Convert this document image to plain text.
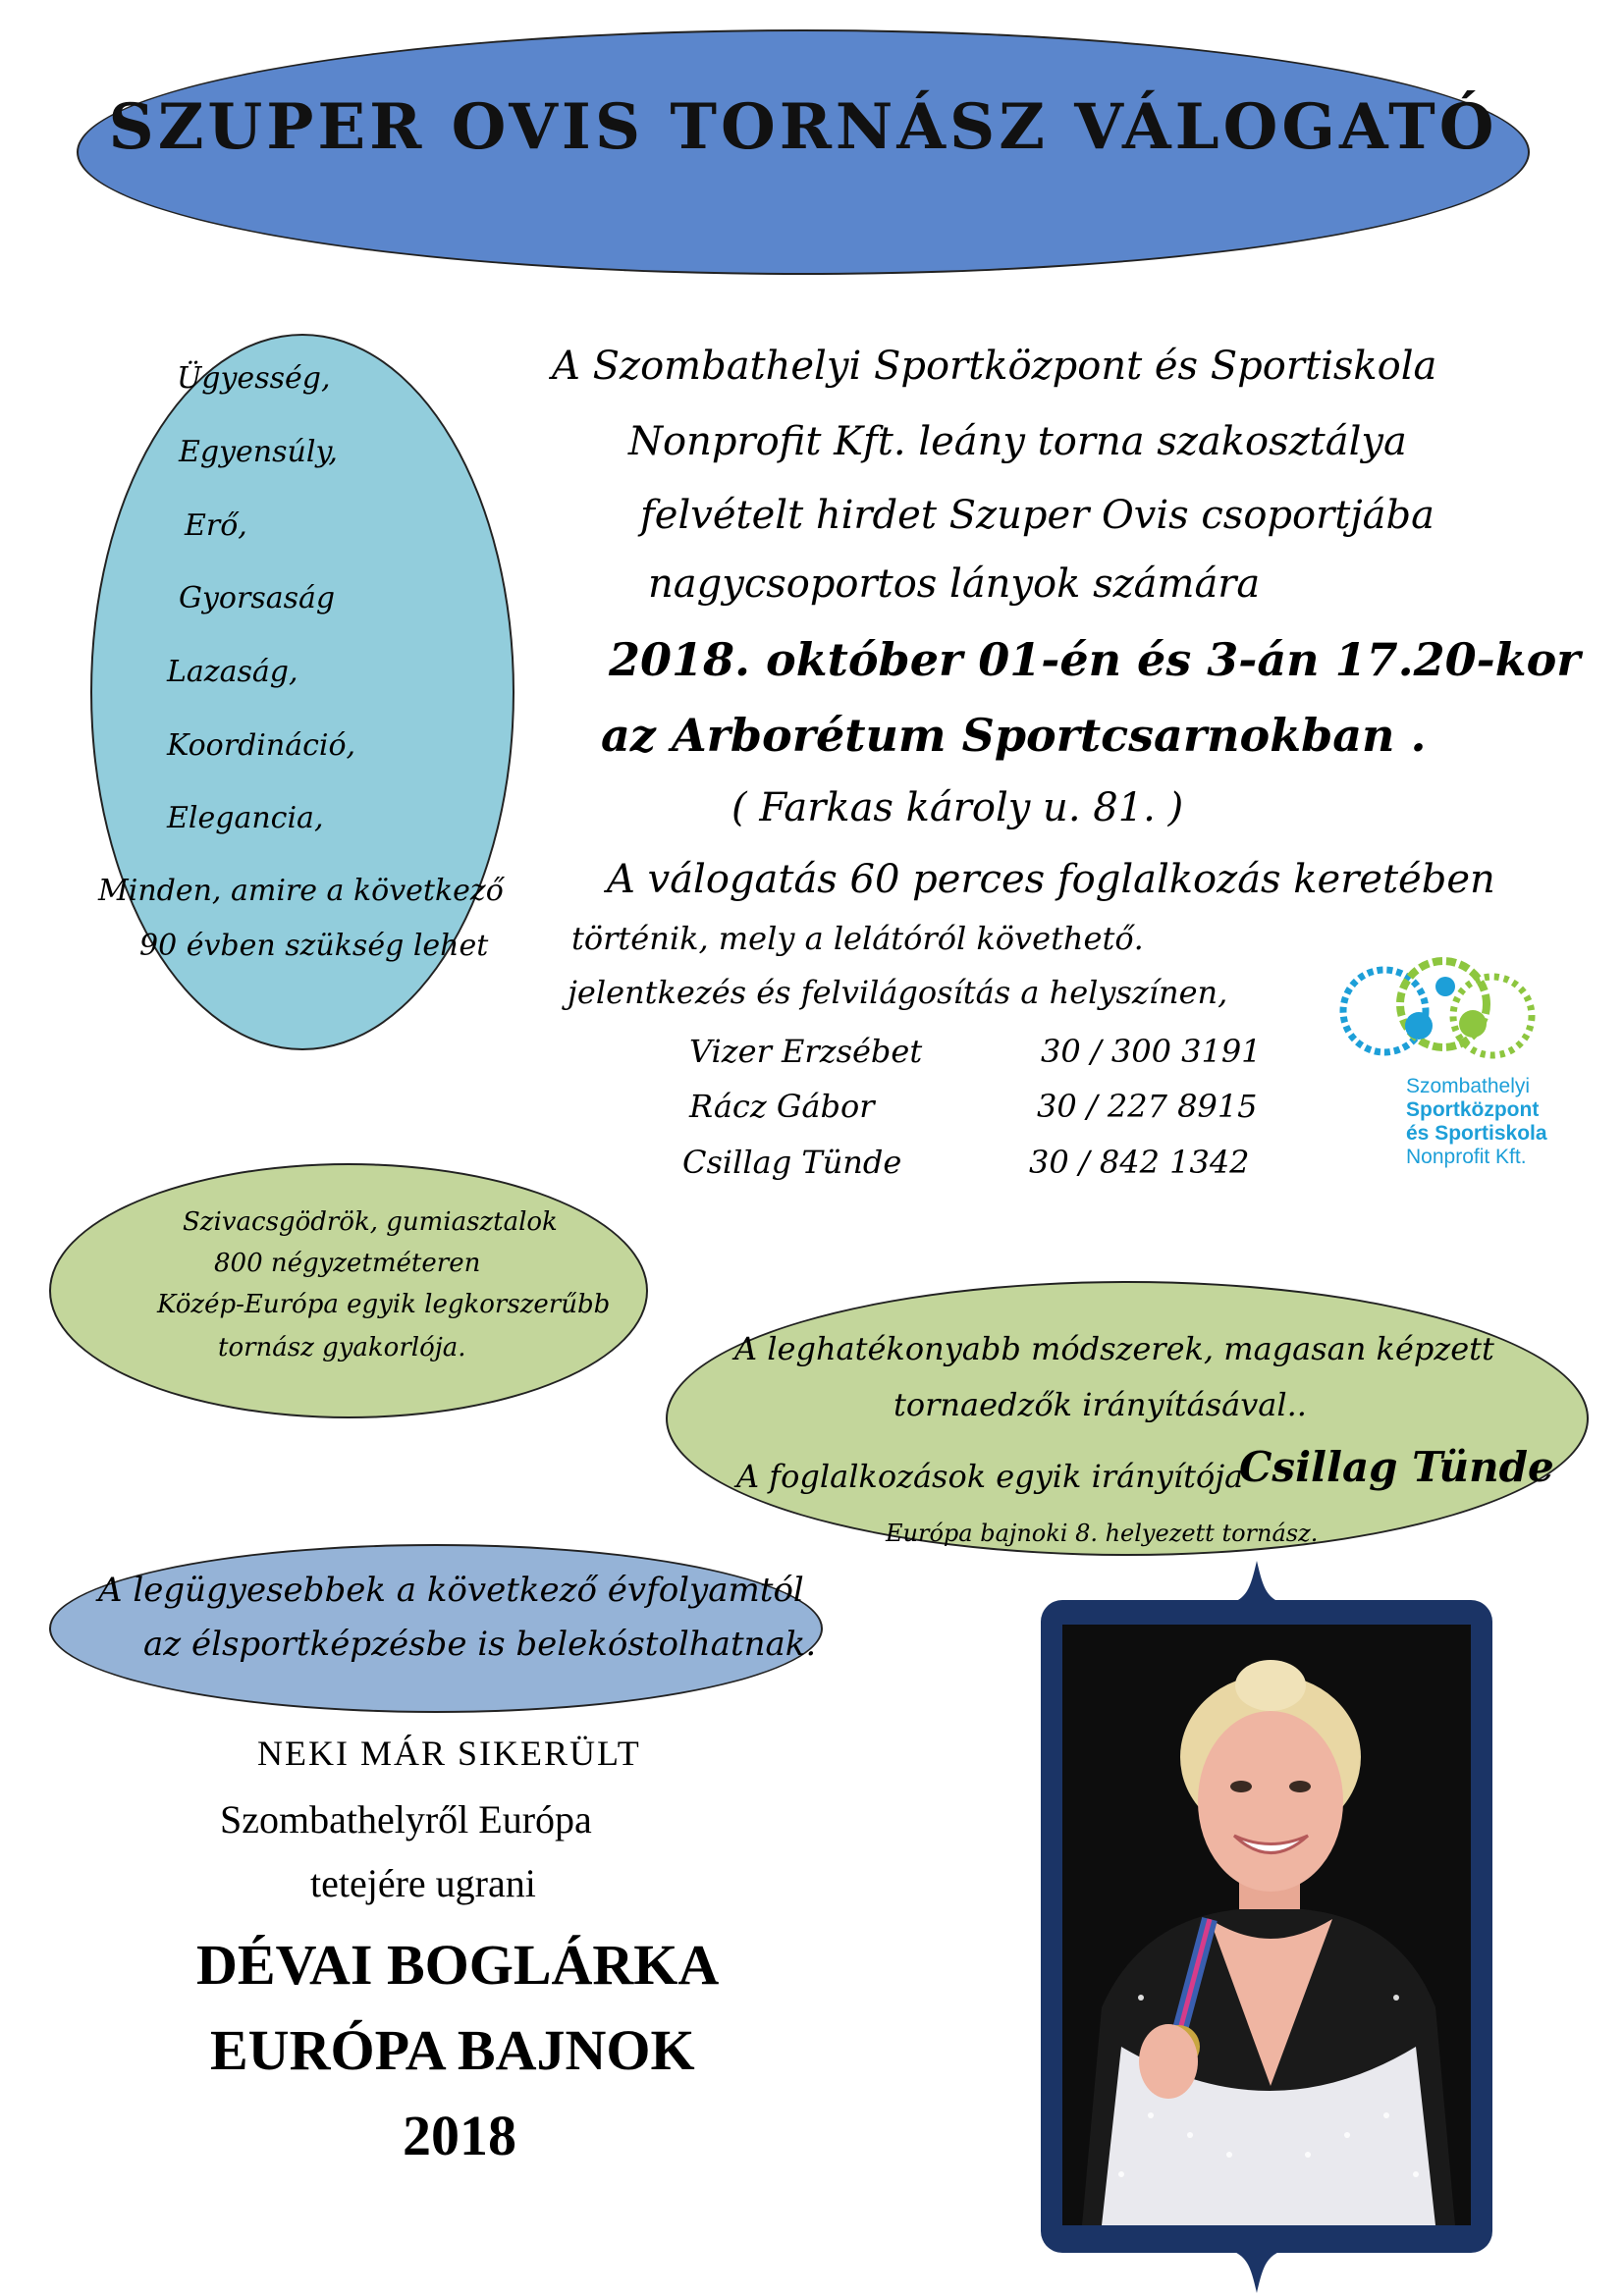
SZUPER OVIS TORNÁSZ VÁLOGATÓ
Ügyesség,
Egyensúly,
Erő,
Gyorsaság
Lazaság,
Koordináció,
Elegancia,
Minden, amire a következő
90 évben szükség lehet
A Szombathelyi Sportközpont és Sportiskola
Nonprofit Kft. leány torna szakosztálya
felvételt hirdet Szuper Ovis csoportjába
nagycsoportos lányok számára
2018. október 01-én és 3-án 17.20-kor
az Arborétum Sportcsarnokban .
( Farkas károly u. 81. )
A válogatás 60 perces foglalkozás keretében
történik, mely a lelátóról követhető.
jelentkezés és felvilágosítás a helyszínen,
Vizer Erzsébet	30 / 300 3191
Rácz Gábor	30 / 227 8915
Csillag Tünde	30 / 842 1342
Szombathelyi
Sportközpont
és Sportiskola
Nonprofit Kft.
Szivacsgödrök, gumiasztalok
800 négyzetméteren
Közép-Európa egyik legkorszerűbb
tornász gyakorlója.	A leghatékonyabb módszerek, magasan képzett
tornaedzők irányításával..
A foglalkozások egyik irányítója
Csillag Tünde
Európa bajnoki 8. helyezett tornász.
A legügyesebbek a következő évfolyamtól
az élsportképzésbe is belekóstolhatnak.
NEKI MÁR SIKERÜLT
Szombathelyről Európa
tetejére ugrani
DÉVAI BOGLÁRKA
EURÓPA BAJNOK
2018
